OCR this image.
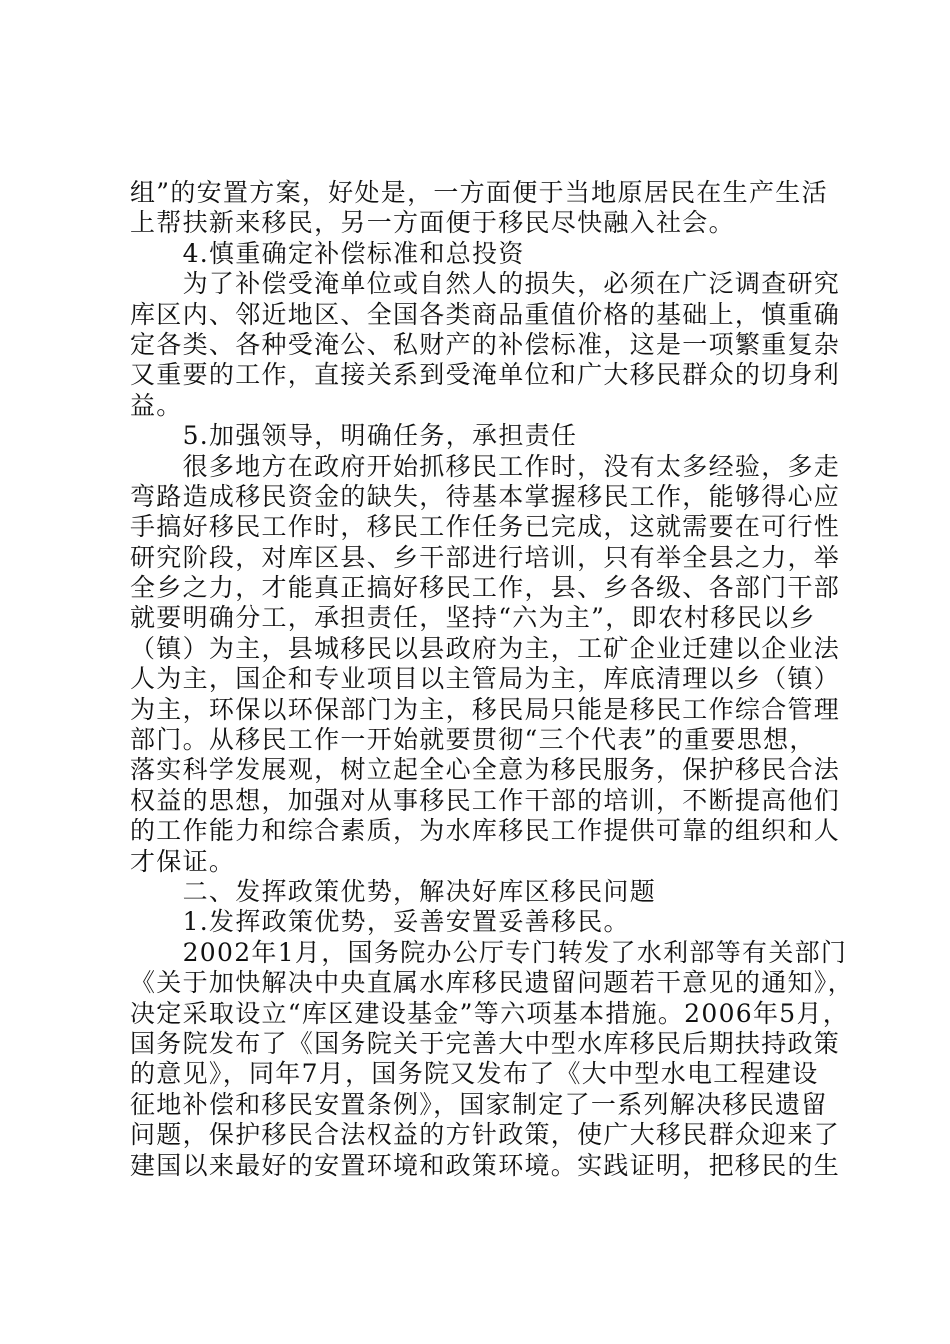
组”的安置方案，好处是，一方面便于当地原居民在生产生活
上帮扶新来移民，另一方面便于移民尽快融入社会。
　　4.慎重确定补偿标准和总投资
　　为了补偿受淹单位或自然人的损失，必须在广泛调查研究
库区内、邻近地区、全国各类商品重值价格的基础上，慎重确
定各类、各种受淹公、私财产的补偿标准，这是一项繁重复杂
又重要的工作，直接关系到受淹单位和广大移民群众的切身利
益。
　　5.加强领导，明确任务，承担责任
　　很多地方在政府开始抓移民工作时，没有太多经验，多走
弯路造成移民资金的缺失，待基本掌握移民工作，能够得心应
手搞好移民工作时，移民工作任务已完成，这就需要在可行性
研究阶段，对库区县、乡干部进行培训，只有举全县之力，举
全乡之力，才能真正搞好移民工作，县、乡各级、各部门干部
就要明确分工，承担责任，坚持“六为主”，即农村移民以乡
（镇）为主，县城移民以县政府为主，工矿企业迁建以企业法
人为主，国企和专业项目以主管局为主，库底清理以乡（镇）
为主，环保以环保部门为主，移民局只能是移民工作综合管理
部门。从移民工作一开始就要贯彻“三个代表”的重要思想，
落实科学发展观，树立起全心全意为移民服务，保护移民合法
权益的思想，加强对从事移民工作干部的培训，不断提高他们
的工作能力和综合素质，为水库移民工作提供可靠的组织和人
才保证。
　　二、发挥政策优势，解决好库区移民问题
　　1.发挥政策优势，妥善安置妥善移民。
　　2002年1月，国务院办公厅专门转发了水利部等有关部门
《关于加快解决中央直属水库移民遗留问题若干意见的通知》，
决定采取设立“库区建设基金”等六项基本措施。2006年5月，
国务院发布了《国务院关于完善大中型水库移民后期扶持政策
的意见》，同年7月，国务院又发布了《大中型水电工程建设
征地补偿和移民安置条例》，国家制定了一系列解决移民遗留
问题，保护移民合法权益的方针政策，使广大移民群众迎来了
建国以来最好的安置环境和政策环境。实践证明，把移民的生
